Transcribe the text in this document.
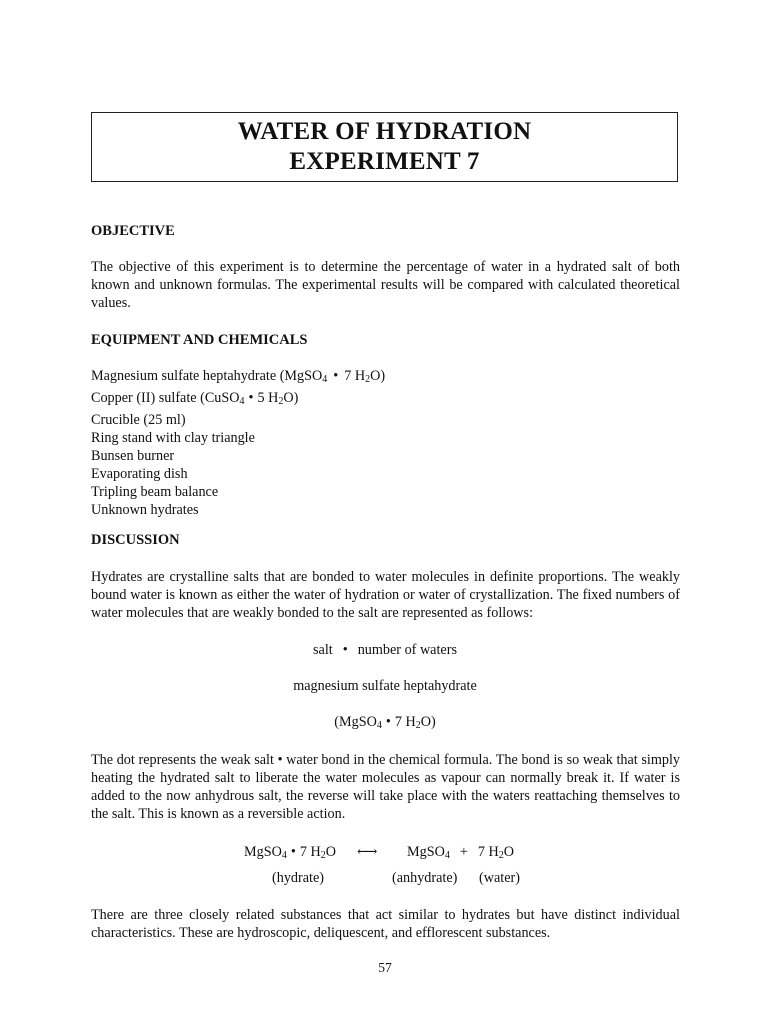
WATER OF HYDRATION
EXPERIMENT 7
OBJECTIVE

The objective of this experiment is to determine the percentage of water in a hydrated salt of both known and unknown formulas. The experimental results will be compared with calculated theoretical values.

EQUIPMENT AND CHEMICALS
Magnesium sulfate heptahydrate (MgSO$_4$ • 7 $H_2O$)
Copper (II) sulfate (CuSO$_4$ • 5 $H_2O$)
Crucible (25 ml)
Ring stand with clay triangle
Bunsen burner
Evaporating dish
Tripling beam balance
Unknown hydrates
DISCUSSION

Hydrates are crystalline salts that are bonded to water molecules in definite proportions. The weakly bound water is known as either the water of hydration or water of crystallization. The fixed numbers of water molecules that are weakly bonded to the salt are represented as follows:

salt • number of waters
magnesium sulfate heptahydrate
(MgSO$_4$ • 7 $H_2O$)

The dot represents the weak salt • water bond in the chemical formula. The bond is so weak that simply heating the hydrated salt to liberate the water molecules as vapour can normally break it. If water is added to the now anhydrous salt, the reverse will take place with the waters reattaching themselves to the salt. This is known as a reversible action.

MgSO$_4$ • 7 $H_2O$ ⟷ MgSO$_4$ + 7 $H_2O$
(hydrate)	(anhydrate) (water)

There are three closely related substances that act similar to hydrates but have distinct individual characteristics. These are hydroscopic, deliquescent, and efflorescent substances.

57
